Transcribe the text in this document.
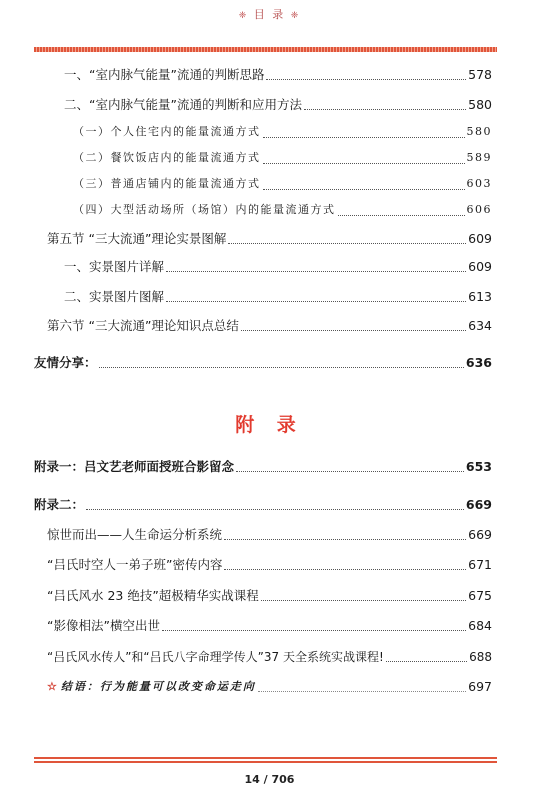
❈ 目 录 ❈
一、“室内脉气能量”流通的判断思路	578
二、“室内脉气能量”流通的判断和应用方法	580
（一）个人住宅内的能量流通方式	580
（二）餐饮饭店内的能量流通方式	589
（三）普通店铺内的能量流通方式	603
（四）大型活动场所（场馆）内的能量流通方式	606
第五节 “三大流通”理论实景图解	609
一、实景图片详解	609
二、实景图片图解	613
第六节 “三大流通”理论知识点总结	634
友情分享：	636
附 录
附录一：吕文艺老师面授班合影留念	653
附录二：	669
惊世而出——人生命运分析系统	669
“吕氏时空人一弟子班”密传内容	671
“吕氏风水 23 绝技”超极精华实战课程	675
“影像相法”横空出世	684
“吕氏风水传人”和“吕氏八字命理学传人”37 天全系统实战课程!	688
☆ 结语：行为能量可以改变命运走向	697
14 / 706
